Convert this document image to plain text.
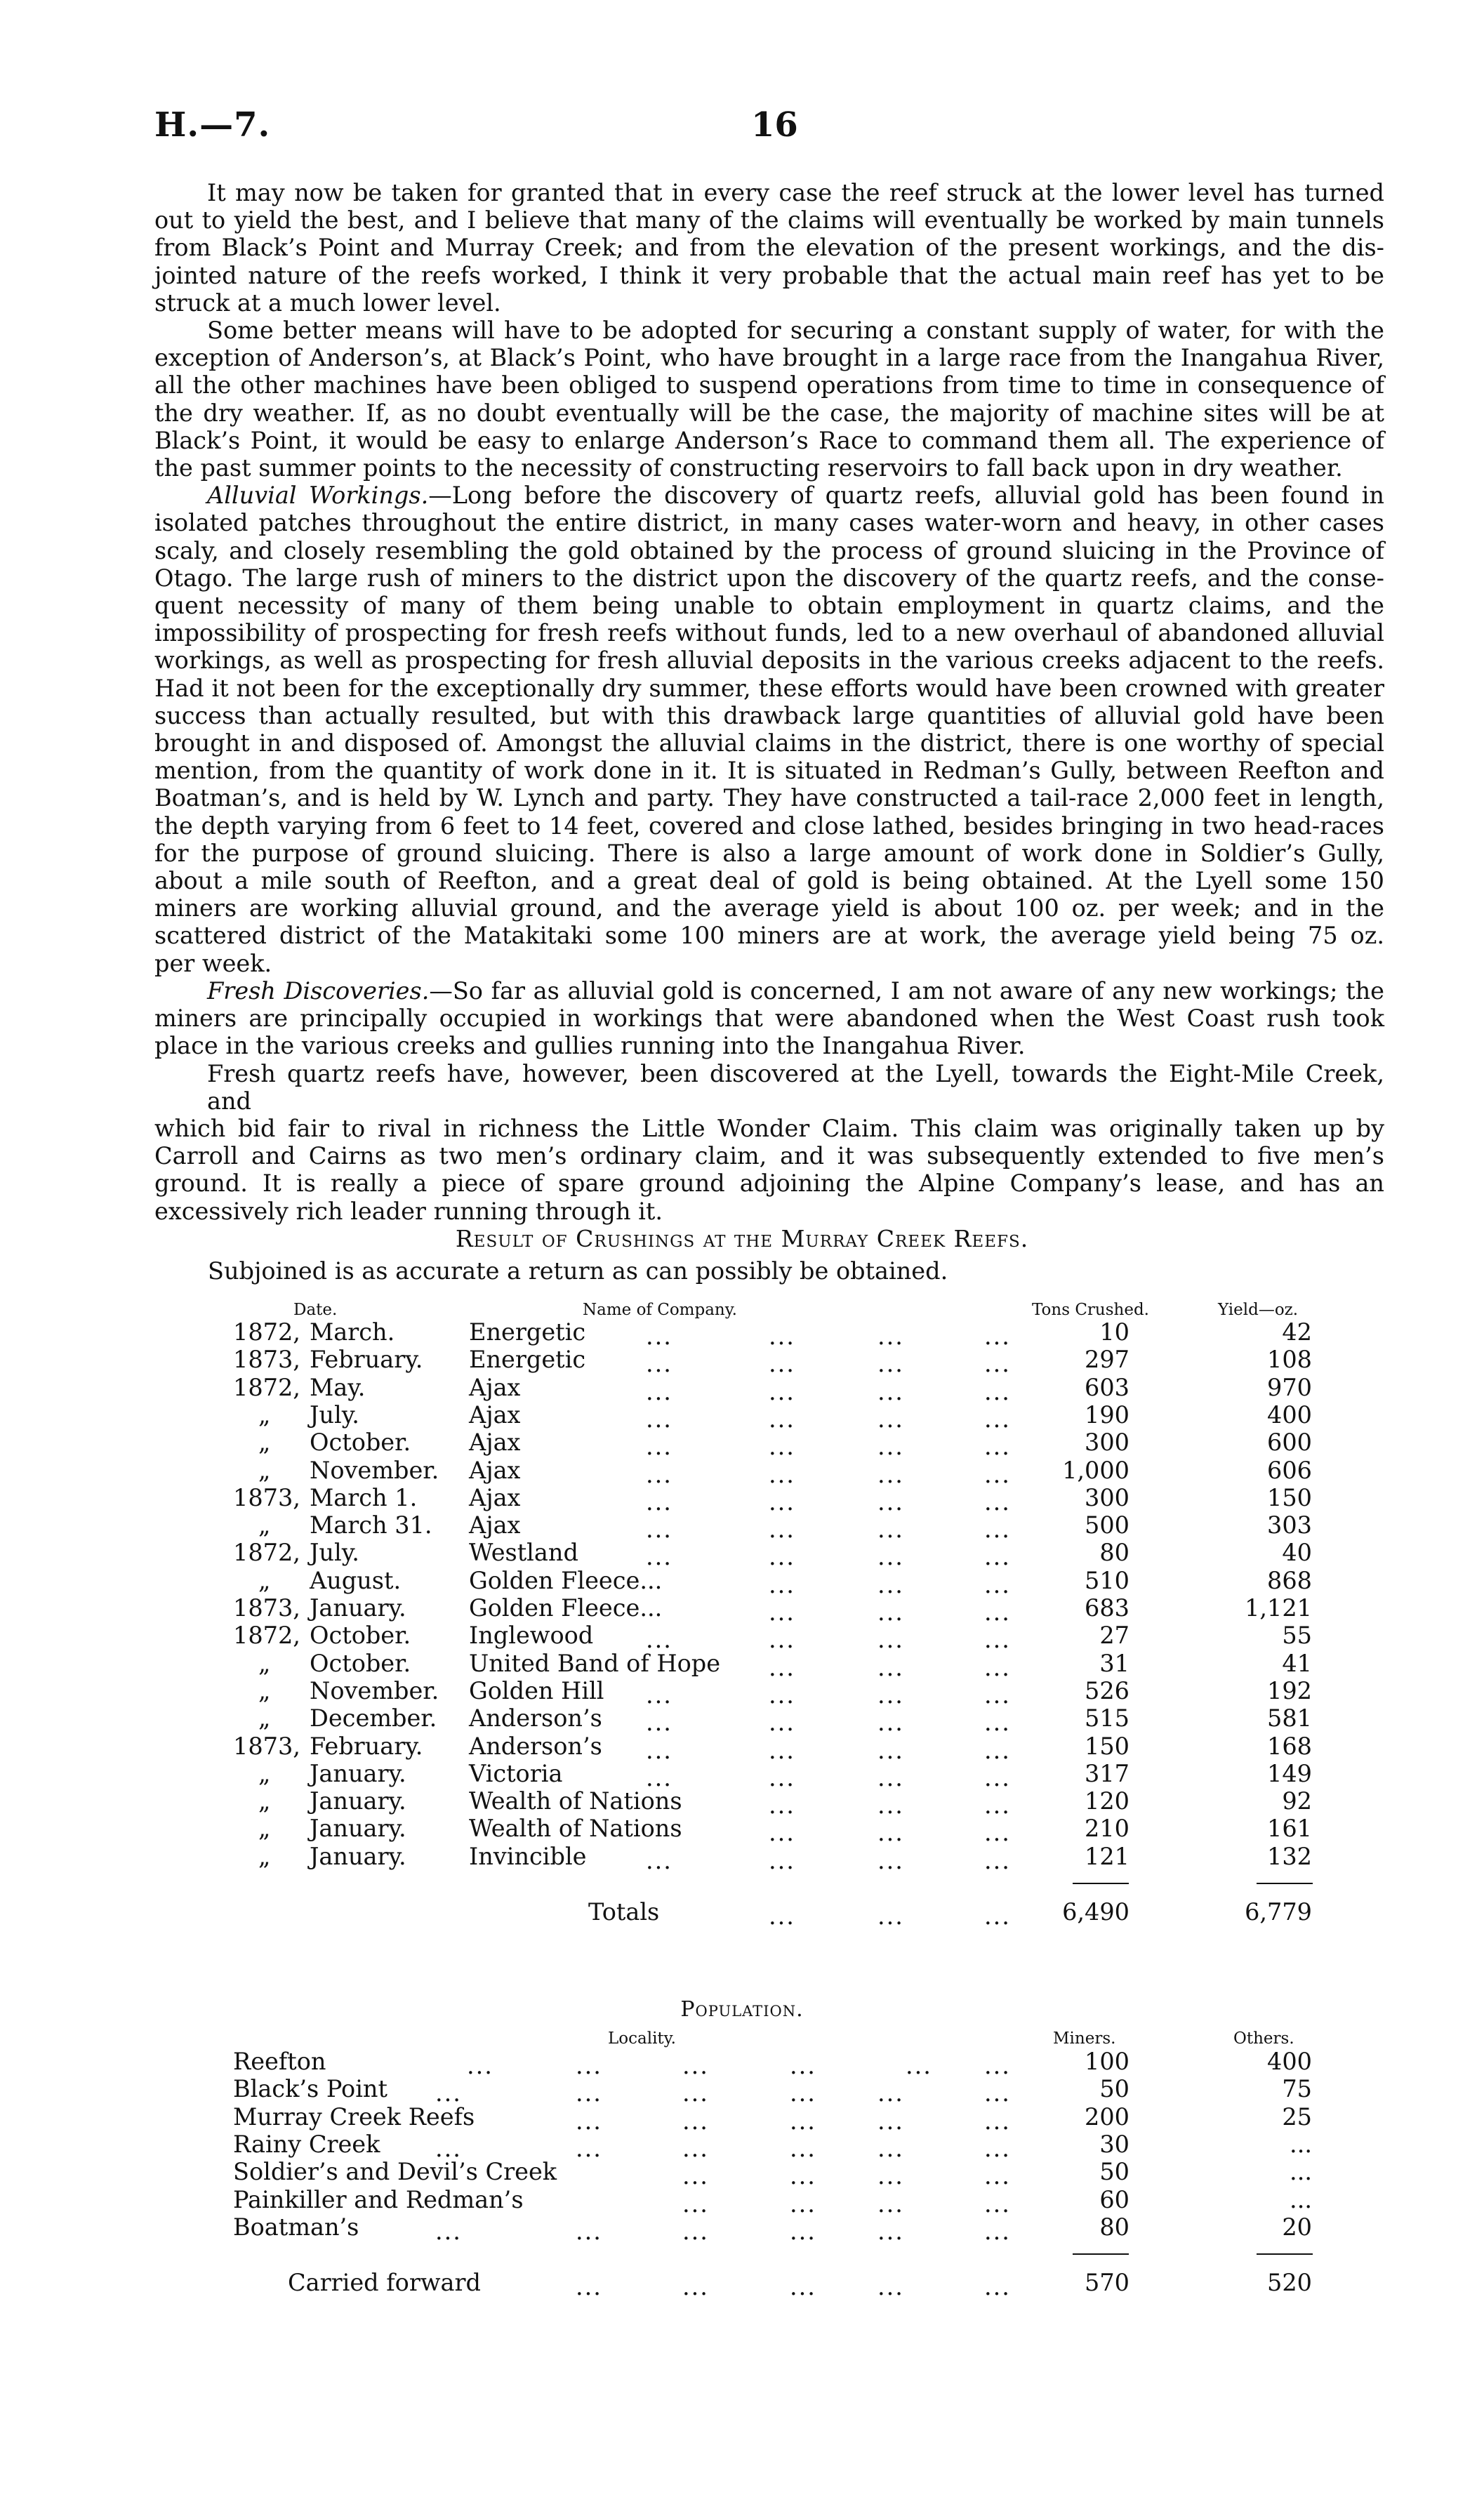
H.—7.	16
It may now be taken for granted that in every case the reef struck at the lower level has turned
out to yield the best, and I believe that many of the claims will eventually be worked by main tunnels
from Black’s Point and Murray Creek; and from the elevation of the present workings, and the dis-
jointed nature of the reefs worked, I think it very probable that the actual main reef has yet to be
struck at a much lower level.
Some better means will have to be adopted for securing a constant supply of water, for with the
exception of Anderson’s, at Black’s Point, who have brought in a large race from the Inangahua River,
all the other machines have been obliged to suspend operations from time to time in consequence of
the dry weather. If, as no doubt eventually will be the case, the majority of machine sites will be at
Black’s Point, it would be easy to enlarge Anderson’s Race to command them all. The experience of
the past summer points to the necessity of constructing reservoirs to fall back upon in dry weather.
Alluvial Workings.—Long before the discovery of quartz reefs, alluvial gold has been found in
isolated patches throughout the entire district, in many cases water-worn and heavy, in other cases
scaly, and closely resembling the gold obtained by the process of ground sluicing in the Province of
Otago. The large rush of miners to the district upon the discovery of the quartz reefs, and the conse-
quent necessity of many of them being unable to obtain employment in quartz claims, and the
impossibility of prospecting for fresh reefs without funds, led to a new overhaul of abandoned alluvial
workings, as well as prospecting for fresh alluvial deposits in the various creeks adjacent to the reefs.
Had it not been for the exceptionally dry summer, these efforts would have been crowned with greater
success than actually resulted, but with this drawback large quantities of alluvial gold have been
brought in and disposed of. Amongst the alluvial claims in the district, there is one worthy of special
mention, from the quantity of work done in it. It is situated in Redman’s Gully, between Reefton and
Boatman’s, and is held by W. Lynch and party. They have constructed a tail-race 2,000 feet in length,
the depth varying from 6 feet to 14 feet, covered and close lathed, besides bringing in two head-races
for the purpose of ground sluicing. There is also a large amount of work done in Soldier’s Gully,
about a mile south of Reefton, and a great deal of gold is being obtained. At the Lyell some 150
miners are working alluvial ground, and the average yield is about 100 oz. per week; and in the
scattered district of the Matakitaki some 100 miners are at work, the average yield being 75 oz.
per week.
Fresh Discoveries.—So far as alluvial gold is concerned, I am not aware of any new workings; the
miners are principally occupied in workings that were abandoned when the West Coast rush took
place in the various creeks and gullies running into the Inangahua River.
Fresh quartz reefs have, however, been discovered at the Lyell, towards the Eight-Mile Creek, and
which bid fair to rival in richness the Little Wonder Claim. This claim was originally taken up by
Carroll and Cairns as two men’s ordinary claim, and it was subsequently extended to five men’s
ground. It is really a piece of spare ground adjoining the Alpine Company’s lease, and has an
excessively rich leader running through it.
Result of Crushings at the Murray Creek Reefs.
Subjoined is as accurate a return as can possibly be obtained.
Date.	Name of Company.	Tons Crushed.	Yield—oz.
1872, March.	Energetic	10	42
...	...	...	...
1873, February. Energetic	297	108
...	...	...	...
1872, May.	Ajax	603	970
...	...	...	...
„ July.	Ajax	190	400
...	...	...	...
„ October. Ajax	300	600
...	...	...	...
„ November. Ajax	1,000	606
...	...	...	...
1873, March 1. Ajax	300	150
...	...	...	...
„ March 31. Ajax	500	303
...	...	...	...
1872, July.	Westland	80	40
...	...	...	...
„ August.	Golden Fleece...	510	868
...	...	...
1873, January.	Golden Fleece...	683	1,121
...	...	...
1872, October. Inglewood	27	55
...	...	...	...
„ October. United Band of Hope	31	41
...	...	...
„ November. Golden Hill	526	192
...	...	...	...
„ December. Anderson’s	515	581
...	...	...	...
1873, February. Anderson’s	150	168
...	...	...	...
„ January.	Victoria	317	149
...	...	...	...
„ January.	Wealth of Nations	120	92
...	...	...
„ January.	Wealth of Nations	210	161
...	...	...
„ January.	Invincible	121	132
...	...	...	...
Totals	6,490	6,779
...	...	...
Population.
Locality.	Miners.	Others.
Reefton	100	400
...	...	...	...	... ...
Black’s Point	50	75
...	...	...	...	...	...
Murray Creek Reefs	200	25
...	...	...	...	...
Rainy Creek	30	...
...	...	...	...	...	...
Soldier’s and Devil’s Creek	50	...
...	...	...	...
Painkiller and Redman’s	60	...
...	...	...	...
Boatman’s	80	20
...	...	...	...	...	...
Carried forward	570	520
...	...	...	...	...
